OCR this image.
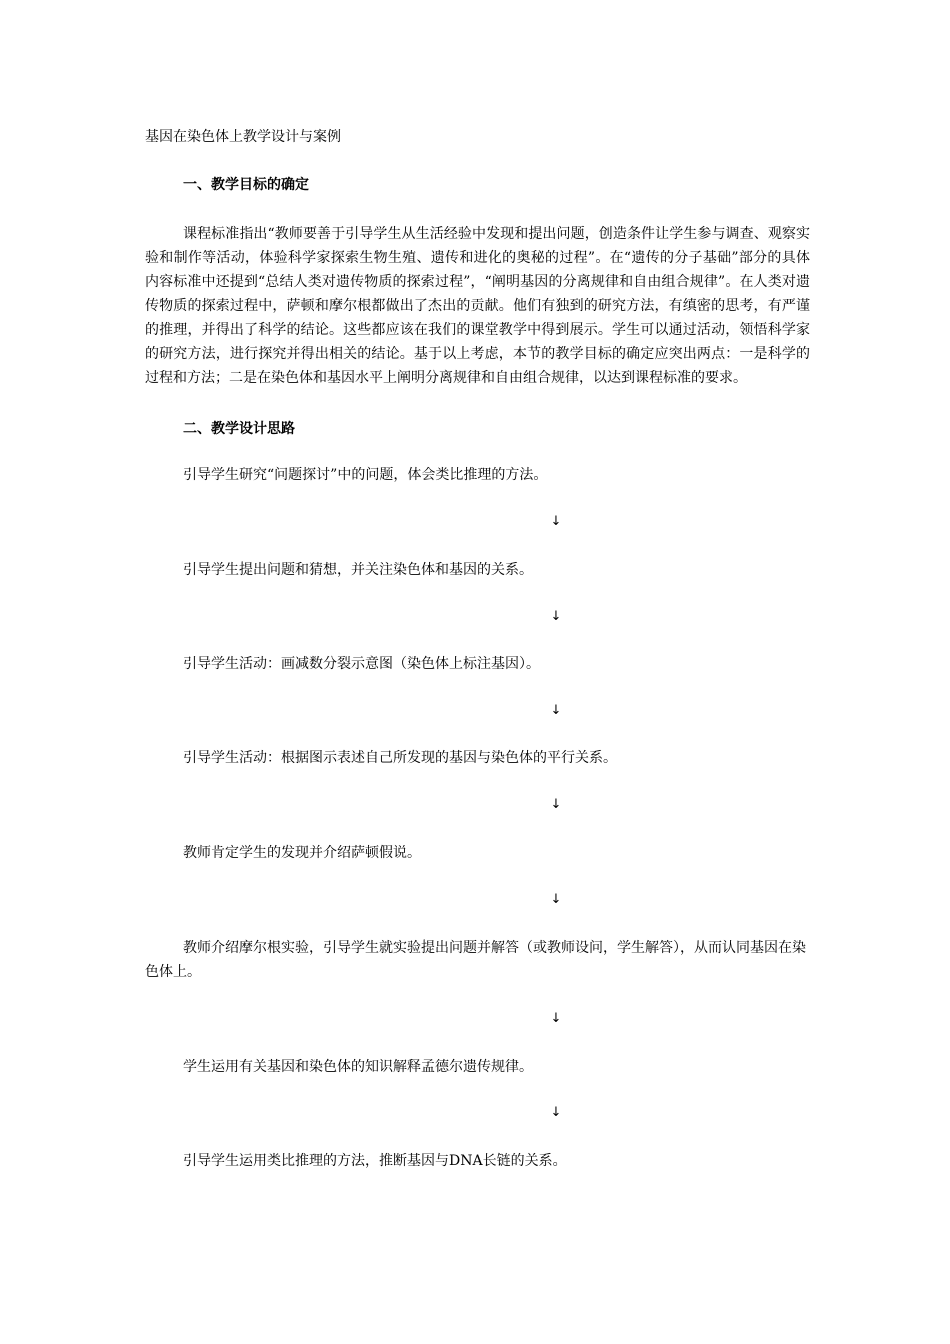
基因在染色体上教学设计与案例
一、教学目标的确定
课程标准指出“教师要善于引导学生从生活经验中发现和提出问题，创造条件让学生参与调查、观察实验和制作等活动，体验科学家探索生物生殖、遗传和进化的奥秘的过程”。在“遗传的分子基础”部分的具体内容标准中还提到“总结人类对遗传物质的探索过程”，“阐明基因的分离规律和自由组合规律”。在人类对遗传物质的探索过程中，萨顿和摩尔根都做出了杰出的贡献。他们有独到的研究方法，有缜密的思考，有严谨的推理，并得出了科学的结论。这些都应该在我们的课堂教学中得到展示。学生可以通过活动，领悟科学家的研究方法，进行探究并得出相关的结论。基于以上考虑，本节的教学目标的确定应突出两点：一是科学的过程和方法；二是在染色体和基因水平上阐明分离规律和自由组合规律，以达到课程标准的要求。
二、教学设计思路
引导学生研究“问题探讨”中的问题，体会类比推理的方法。
↓
引导学生提出问题和猜想，并关注染色体和基因的关系。
↓
引导学生活动：画减数分裂示意图（染色体上标注基因）。
↓
引导学生活动：根据图示表述自己所发现的基因与染色体的平行关系。
↓
教师肯定学生的发现并介绍萨顿假说。
↓
教师介绍摩尔根实验，引导学生就实验提出问题并解答（或教师设问，学生解答），从而认同基因在染色体上。
↓
学生运用有关基因和染色体的知识解释孟德尔遗传规律。
↓
引导学生运用类比推理的方法，推断基因与DNA长链的关系。
